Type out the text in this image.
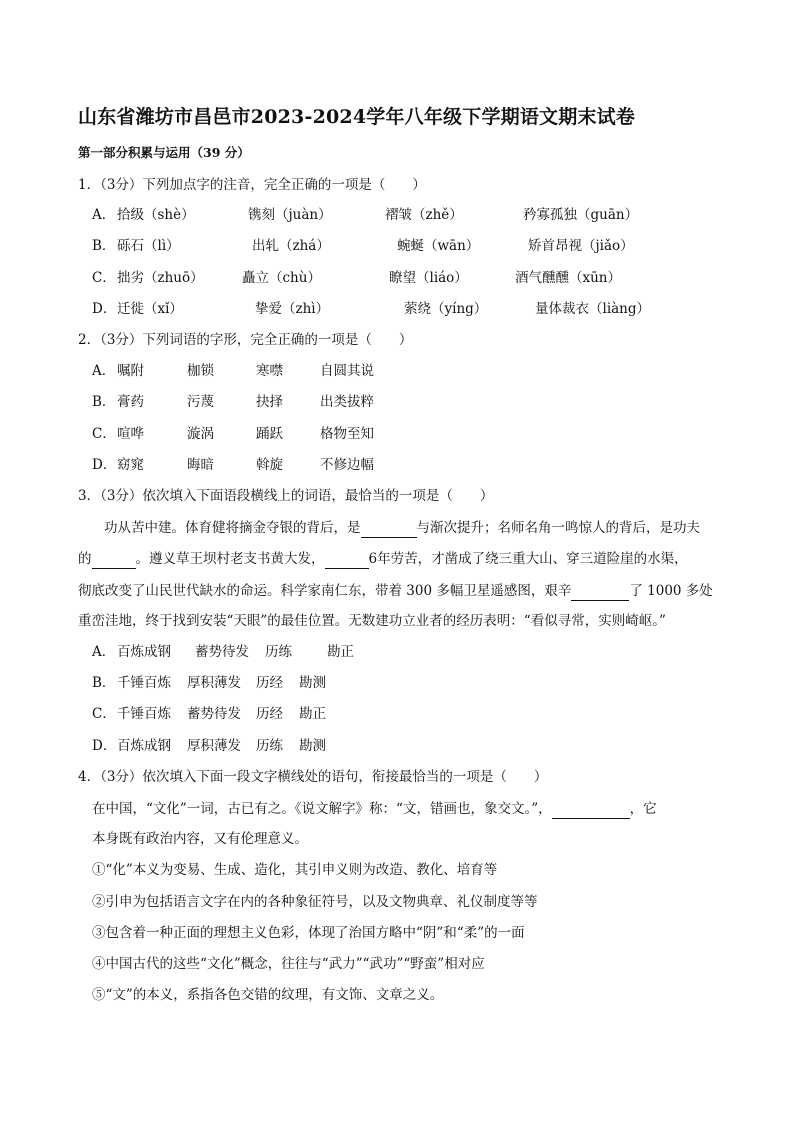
山东省潍坊市昌邑市2023-2024学年八年级下学期语文期末试卷
第一部分积累与运用（39 分）
1．（3分）下列加点字的注音，完全正确的一项是（　　）
A． 拾级（shè）	镌刻（juàn）	褶皱（zhě）	矜寡孤独（guān）
B． 砾石（lì）	出轧（zhá）	蜿蜒（wān）	矫首昂视（jiǎo）
C． 拙劣（zhuō）	矗立（chù）	瞭望（liáo）	酒气醺醺（xūn）
D． 迁徙（xǐ）	挚爱（zhì）	萦绕（yíng）	量体裁衣（liàng）
2．（3分）下列词语的字形，完全正确的一项是（　　）
A． 嘱附	枷锁	寒噤	自圆其说
B． 膏药	污蔑	抉择	出类拔粹
C． 喧哗	漩涡	踊跃	格物至知
D． 窈窕	晦暗	斡旋	不修边幅
3．（3分）依次填入下面语段横线上的词语，最恰当的一项是（　　）
功从苦中建。体育健将摘金夺银的背后，是	与渐次提升；名师名角一鸣惊人的背后，是功夫
的	。遵义草王坝村老支书黄大发，	6年劳苦，才凿成了绕三重大山、穿三道险崖的水渠，
彻底改变了山民世代缺水的命运。科学家南仁东，带着 300 多幅卫星遥感图，艰辛	了 1000 多处
重峦洼地，终于找到安装“天眼”的最佳位置。无数建功立业者的经历表明：“看似寻常，实则崎岖。”
A． 百炼成钢 蓄势待发 历练	勘正
B． 千锤百炼 厚积薄发 历经 勘测
C． 千锤百炼 蓄势待发 历经 勘正
D． 百炼成钢 厚积薄发 历练 勘测
4．（3分）依次填入下面一段文字横线处的语句，衔接最恰当的一项是（　　）
在中国，“文化”一词，古已有之。《说文解字》称：“文，错画也，象交文。”，	，它
本身既有政治内容，又有伦理意义。
①“化”本义为变易、生成、造化，其引申义则为改造、教化、培育等
②引申为包括语言文字在内的各种象征符号，以及文物典章、礼仪制度等等
③包含着一种正面的理想主义色彩，体现了治国方略中“阴”和“柔”的一面
④中国古代的这些“文化”概念，往往与“武力”“武功”“野蛮”相对应
⑤“文”的本义，系指各色交错的纹理，有文饰、文章之义。
